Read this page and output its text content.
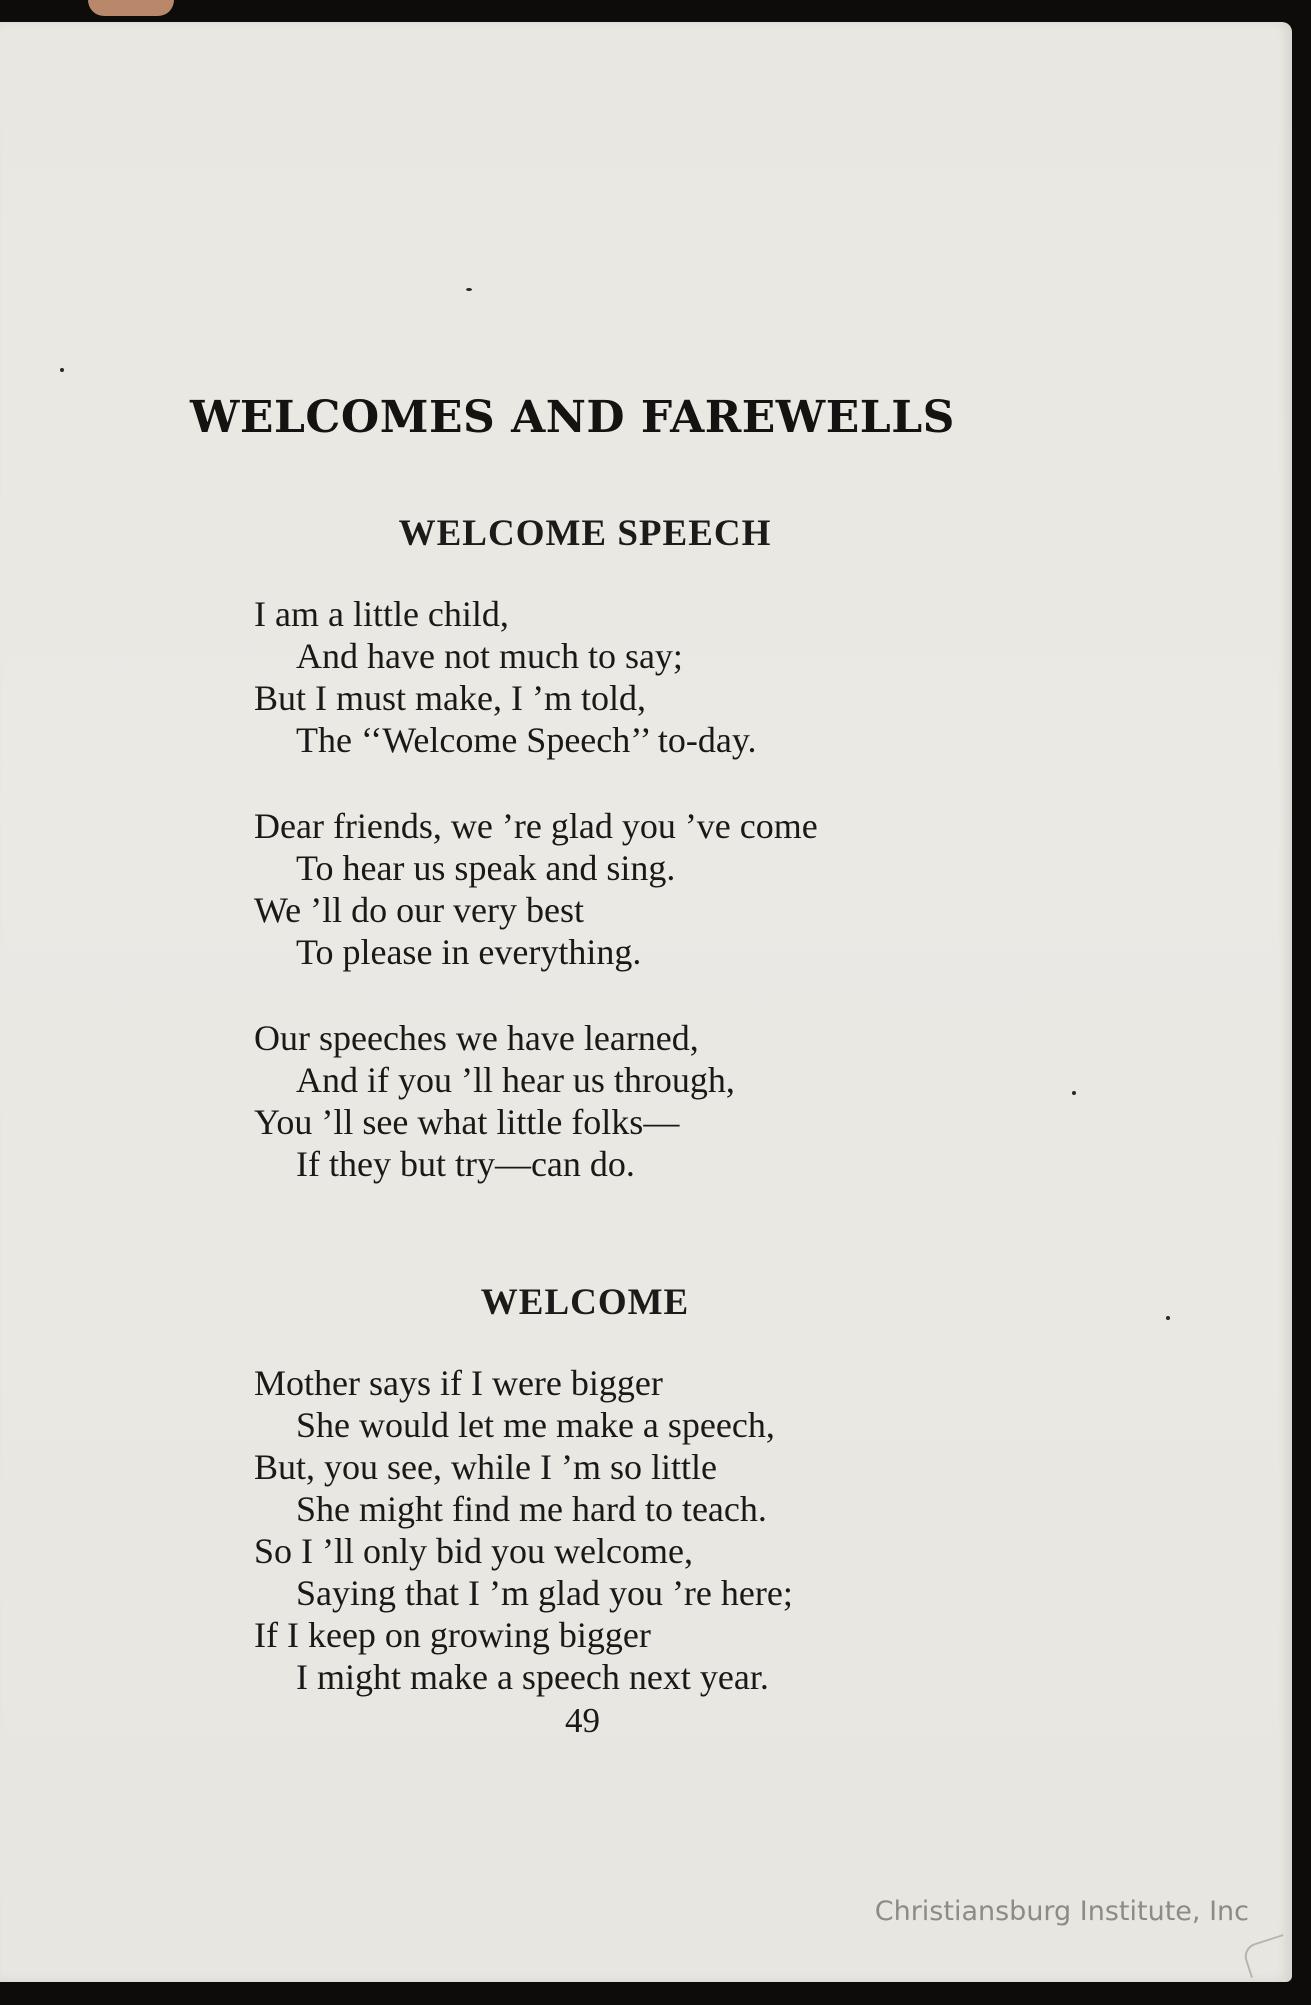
WELCOMES AND FAREWELLS
WELCOME SPEECH
I am a little child,
And have not much to say;
But I must make, I ’m told,
The ‘‘Welcome Speech’’ to-day.
Dear friends, we ’re glad you ’ve come
To hear us speak and sing.
We ’ll do our very best
To please in everything.
Our speeches we have learned,
And if you ’ll hear us through,
You ’ll see what little folks—
If they but try—can do.
WELCOME
Mother says if I were bigger
She would let me make a speech,
But, you see, while I ’m so little
She might find me hard to teach.
So I ’ll only bid you welcome,
Saying that I ’m glad you ’re here;
If I keep on growing bigger
I might make a speech next year.

49

Christiansburg Institute, Inc
